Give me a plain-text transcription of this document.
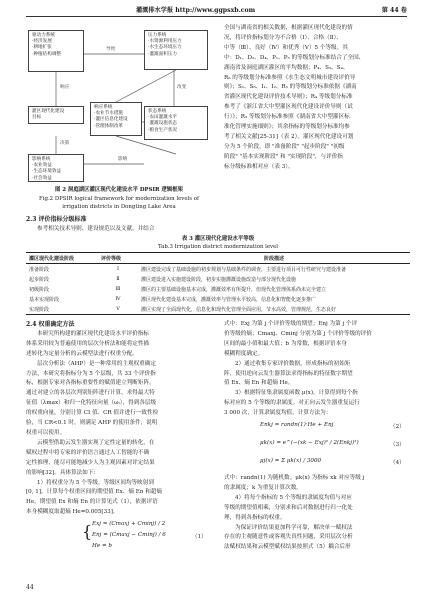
灌溉排水学报 http://www.ggpsxb.com	第 44 卷
驱动力系统
·经济发展
·耕地扩张
·种植结构调整
压力系统
·水资源利用压力
·水生态环境压力
·灌溉面积压力
状态系统
·农田灌溉水平
·灌溉设施状态
·粮食生产状况
响应系统
·农业节水措施
·灌区信息化建设
·管理体制改革
影响系统
·农业效益
·生态环境效益
·社会效益
灌区现代化建设
目标
导致
改变
影响
响应
决策
图 2 洞庭湖区灌区现代化建设水平 DPSIR 逻辑框架
Fig.2 DPSIR logical framework for modernization levels of
irrigation districts in Dongting Lake Area
2.3 评价指标分级标准
参考相关技术导则、建设规范以及文献，并结合
全国与湖南省的相关数据，根据灌区现代化建设的情
况，将评价指标划分为不合格（Ⅰ）、合格（Ⅱ）、
中等（Ⅲ）、良好（Ⅳ）和优秀（Ⅴ）5 个等级。其
中：D₁、D₂、D₄、P₁、P₃ 的等级划分标准结合了全国、
湖南省及洞庭湖区灌区的平均数据；P₄、S₃、S₄、
R₆ 的等级划分标准参照《水生态文明城市建设评价导
则》；S₁、S₆、I₁、I₂、R₅ 的等级划分标准依据《湖南
省灌区现代化建设评价技术导则》；R₄ 等级划分标准
参考了《浙江省大中型灌区现代化建设评价导则（试
行）》；R₃ 等级划分标准参照《湖南省大中型灌区标
准化管理实施细则》；其余指标的等级划分标准均参
考了相关文献[25-31]（表 2）。灌区现代化建设可划
分为 5 个阶段，即 "准备阶段" "起步阶段" "初级
阶段" "基本实现阶段" 和 "实现阶段"，与评价指
标分级标准相对应（表 3）。
表 3 灌区现代化建设水平等级
Tab.3 Irrigation district modernization level
灌区现代化建设阶段	评价等级	阶段描述
准备阶段	Ⅰ	灌区建设完成了基础设施的初步规划与基础条件的调查，主要进行项目可行性研究与建设准备
起步阶段	Ⅱ	灌区建设进入实施建设阶段，初步实施灌溉设施改造与部分现代化设施
初级阶段	Ⅲ	灌区的主要基础设施基本完成，灌溉效率有所提升，但现代化管理体系尚未完全建立
基本实现阶段	Ⅳ	灌区现代化建设基本完成，灌溉效率与管理水平较高，信息化和智能化逐步推广
实现阶段	Ⅴ	灌区实现了全面现代化，信息化和现代化管理全面应用，节水高效，管理规范，生态良好
2.4 权重确定方法
本研究所构建的灌区现代化建设水平评价指标
体系采用较为普遍使用的层次分析法和能将定性描
述转化为定量分析的云模型法进行权重分配。
层次分析法（AHP）是一种常用的主观权重确定
方法，本研究将指标分为 5 个层级，共 33 个评价指
标，根据专家对各指标重要性的赋值建立判断矩阵，
通过对建立的各层次判别矩阵进行计算，求得最大特
征值（λmax）和归一化特征向量（ωᵢ），得到各层级
的权重向量，分别计算 CI 值、CR 值并进行一致性检
验，当 CR<0.1 时，则满足 AHP 的使用条件，说明
权重可以使用。
云模型借助云发生器实现了定性定量的转化，在
赋权过程中将专家的评价语言通过人工智能的不确
定性推理，能尽可能地减少人为主观因素对评定结果
的影响[32]。具体算法如下：
1）将权重分为 5 个等级，等级区间均等映射到
[0, 1]，计算每个权重区间的期望值 Ex、熵 En 和超熵
He。期望值 Ex 和熵 En 的计算见式（1），依据评语
本身模糊度取超熵 He=0.005[33]。
{ Exj = (Cmaxj + Cminj) / 2
Enj = (Cmaxj − Cminj) / 6
He = b
（1）
式中：Exj 为第 j 个评价等级的期望；Enj 为第 j 个评
价等级的熵；Cmaxj、Cminj 分别为第 j 个评价等级的评价
区间的最小值和最大值；b 为常数，根据评语本身
模糊程度确定。
2）通过收集专家评价数据，形成指标的初始矩
阵，使用逆向云发生器算法求得指标的特征数字期望
值 Ex、熵 En 和超熵 He。
3）根据特征集隶属度函数 μ(x)，计算得到每个指
标对应的 5 个等级的隶属度。对正向云发生器重复运行
3 000 次，计算隶属度均值，计算方法为：
Enkj = randn(1)·He + Enj	（2）
μk(x) = e^(−(xk − Exj)² / 2(Enkj)²)	（3）
μj(x) = Σ μk(x) / 3000	（4）
式中：randn(1) 为随机数；μk(x) 为指标 xk 对应等级 j
的隶属度；k 为重复计算次数。
4）将每个指标的 5 个等级的隶属度均值与对应
等级的期望值相乘，分别求和后对数据进行归一化处
理，得到各指标的权重。
为保证评价结果更加科学可靠，解决单一赋权法
存在的主观随意性或客观失真性问题，采用层次分析
法赋权结果和云模型赋权结果按照式（5）耦合后形
44
